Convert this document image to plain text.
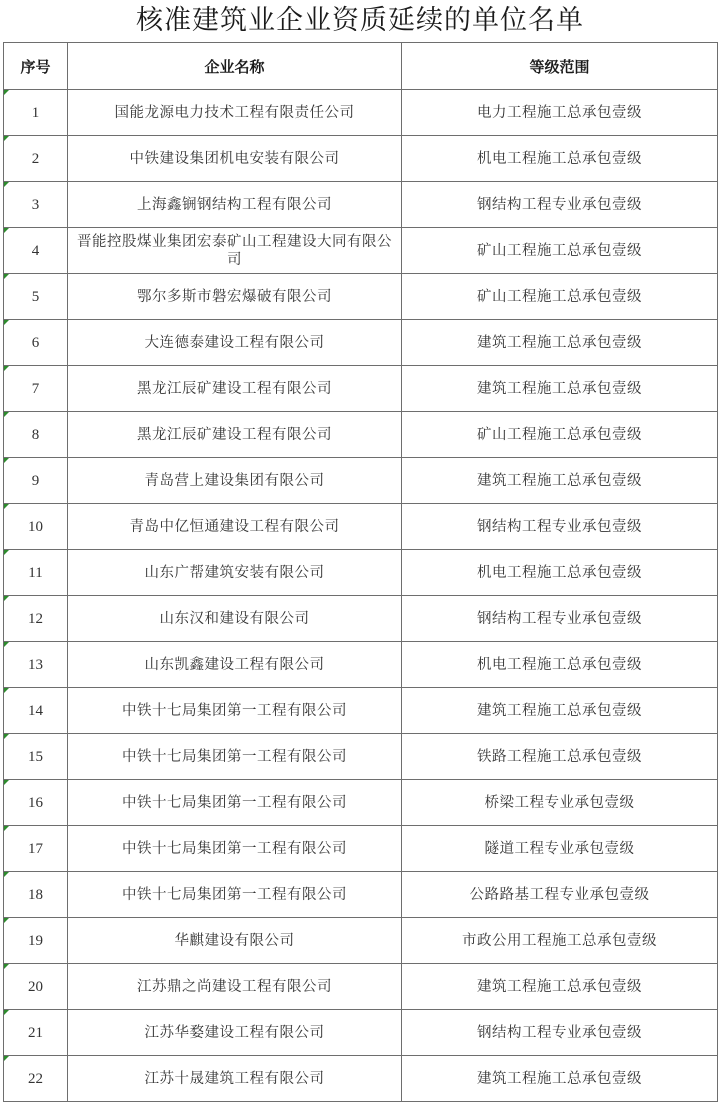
核准建筑业企业资质延续的单位名单
序号	企业名称	等级范围
1	国能龙源电力技术工程有限责任公司	电力工程施工总承包壹级
2	中铁建设集团机电安装有限公司	机电工程施工总承包壹级
3	上海鑫锎钢结构工程有限公司	钢结构工程专业承包壹级
4	晋能控股煤业集团宏泰矿山工程建设大同有限公司	矿山工程施工总承包壹级
5	鄂尔多斯市磐宏爆破有限公司	矿山工程施工总承包壹级
6	大连德泰建设工程有限公司	建筑工程施工总承包壹级
7	黑龙江辰矿建设工程有限公司	建筑工程施工总承包壹级
8	黑龙江辰矿建设工程有限公司	矿山工程施工总承包壹级
9	青岛营上建设集团有限公司	建筑工程施工总承包壹级
10	青岛中亿恒通建设工程有限公司	钢结构工程专业承包壹级
11	山东广帮建筑安装有限公司	机电工程施工总承包壹级
12	山东汉和建设有限公司	钢结构工程专业承包壹级
13	山东凯鑫建设工程有限公司	机电工程施工总承包壹级
14	中铁十七局集团第一工程有限公司	建筑工程施工总承包壹级
15	中铁十七局集团第一工程有限公司	铁路工程施工总承包壹级
16	中铁十七局集团第一工程有限公司	桥梁工程专业承包壹级
17	中铁十七局集团第一工程有限公司	隧道工程专业承包壹级
18	中铁十七局集团第一工程有限公司	公路路基工程专业承包壹级
19	华麒建设有限公司	市政公用工程施工总承包壹级
20	江苏鼎之尚建设工程有限公司	建筑工程施工总承包壹级
21	江苏华婺建设工程有限公司	钢结构工程专业承包壹级
22	江苏十晟建筑工程有限公司	建筑工程施工总承包壹级
